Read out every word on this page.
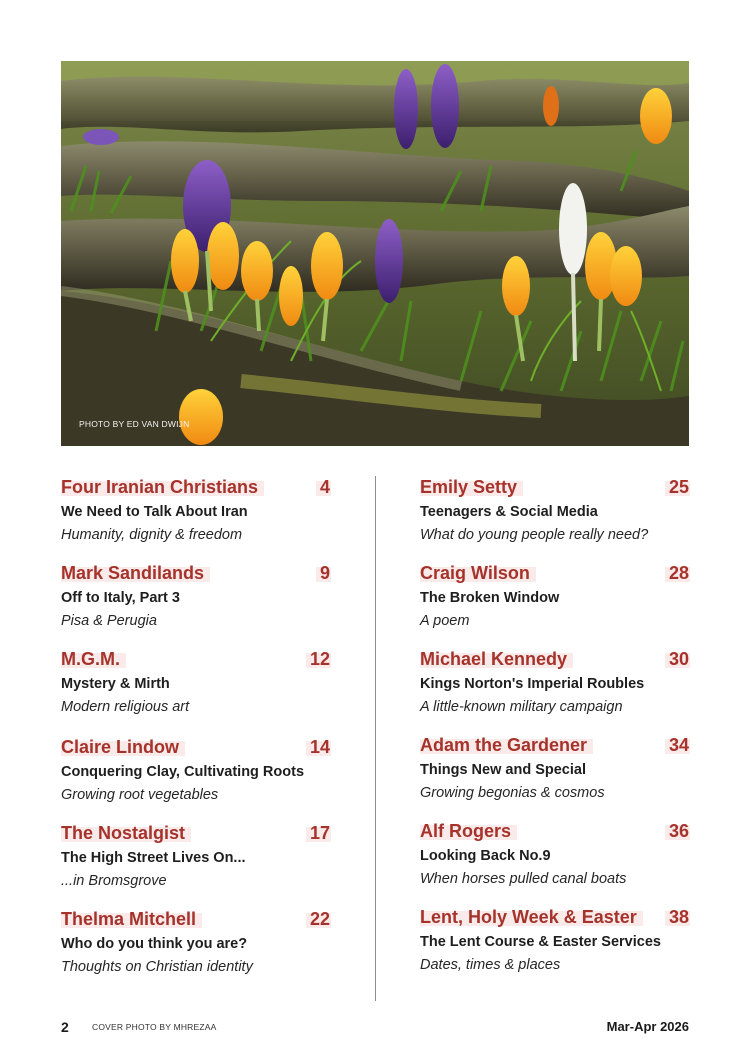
PHOTO BY ED VAN DWIJN
Four Iranian Christians	4
We Need to Talk About Iran
Humanity, dignity & freedom
Mark Sandilands	9
Off to Italy, Part 3
Pisa & Perugia
M.G.M.	12
Mystery & Mirth
Modern religious art
Claire Lindow	14
Conquering Clay, Cultivating Roots
Growing root vegetables
The Nostalgist	17
The High Street Lives On...
...in Bromsgrove
Thelma Mitchell	22
Who do you think you are?
Thoughts on Christian identity
Emily Setty	25
Teenagers & Social Media
What do young people really need?
Craig Wilson	28
The Broken Window
A poem
Michael Kennedy	30
Kings Norton's Imperial Roubles
A little-known military campaign
Adam the Gardener	34
Things New and Special
Growing begonias & cosmos
Alf Rogers	36
Looking Back No.9
When horses pulled canal boats
Lent, Holy Week & Easter	38
The Lent Course & Easter Services
Dates, times & places
2	COVER PHOTO BY MHREZAA	Mar-Apr 2026
